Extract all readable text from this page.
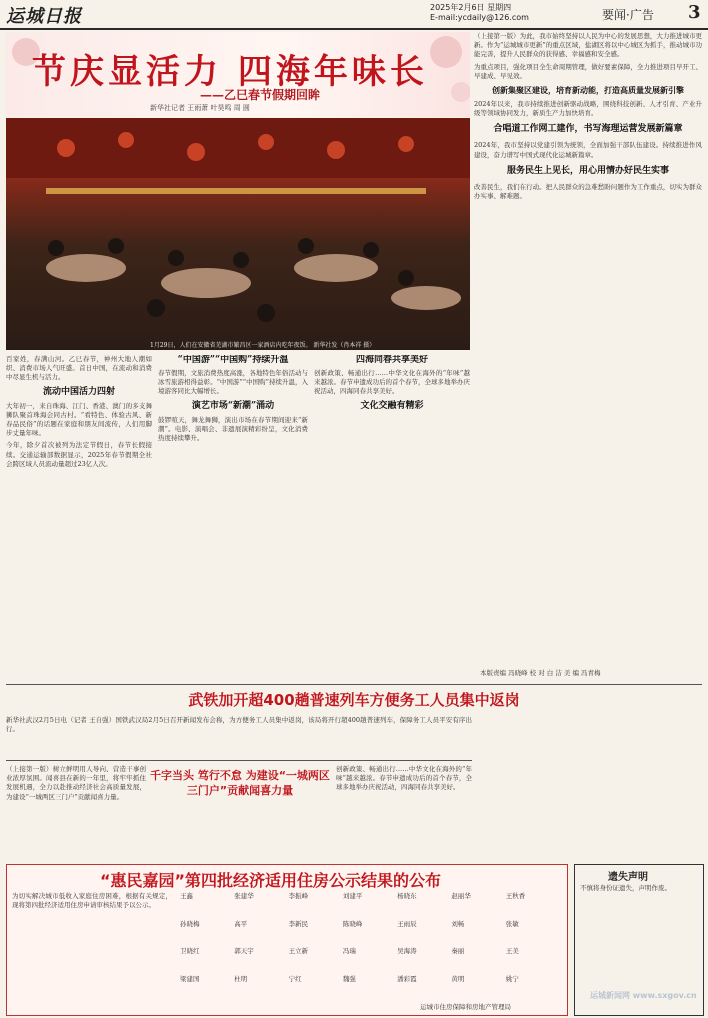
运城日报	2025年2月6日 星期四
E-mail:ycdaily@126.com	要闻·广告 3
节庆显活力 四海年味长
——乙巳春节假期回眸
新华社记者 王雨萧 叶昊鸣 周 圆
1月29日，人们在安徽省芜湖市繁昌区一家酒店内吃年夜饭。 新华社发（肖本祥 摄）
百家姓，春满山河。乙巳春节，神州大地人潮如织、消费市场人气旺盛。首日中国，在流动和消费中尽显生机与活力。
流动中国活力四射
大年初一，来自珠海、江门、香港、澳门的多支舞狮队聚首珠海会同古村。“看特色、体验古风、新春品民俗”的话题在家庭和朋友间流传，人们用脚步丈量年味。
今年，除夕首次被列为法定节假日，春节长假接续。交通运输部数据显示，2025年春节假期全社会跨区域人员流动量超过23亿人次。
“中国游”“中国购”持续升温
春节假期，文旅消费热度高涨，各地特色年俗活动与冰雪旅游相得益彰。“中国游”“中国购”持续升温，入境游客同比大幅增长。
演艺市场“新潮”涌动
鼓锣喧天，舞龙舞狮，演出市场在春节期间迎来“新潮”。电影、演唱会、非遗展演精彩纷呈，文化消费热度持续攀升。
四海同春共享美好
创新政策、畅通出行……中华文化在海外的“年味”越来越浓。春节申遗成功后的首个春节，全球多地举办庆祝活动，四海同春共享美好。
文化交融有精彩
（上接第一版）为此，我市始终坚持以人民为中心的发展思想，大力推进城市更新。作为“运城城市更新”的重点区域，盐湖区将以中心城区为抓手，推动城市功能完善，提升人民群众的获得感、幸福感和安全感。
为重点项目，强化项目全生命周期管理，做好要素保障，全力推进项目早开工、早建成、早见效。
创新集聚区建设，培育新动能，打造高质量发展新引擎
2024年以来，我市持续推进创新驱动战略，围绕科技创新、人才引育、产业升级等领域协同发力，新质生产力加快培育。
合唱道工作网工建作，书写海理运营发展新篇章
2024年，我市坚持以党建引领为统领，全面加强干部队伍建设。持续推进作风建设，奋力谱写中国式现代化运城新篇章。
服务民生上见长，用心用情办好民生实事
改善民生，我们在行动。把人民群众的急难愁盼问题作为工作重点，切实为群众办实事、解难题。
本版责编 冯晓峰 校 对 白 洁 美 编 冯青梅
武铁加开超400趟普速列车方便务工人员集中返岗
新华社武汉2月5日电（记者 王自强）国铁武汉局2月5日召开新闻发布会称，为方便务工人员集中返岗，该局将开行超400趟普速列车，保障务工人员平安有序出行。
（上接第一版）树立鲜明用人导向、营造干事创业浓厚氛围。闻喜县在新的一年里，将牢牢抓住发展机遇，全力以赴推动经济社会高质量发展，为建设“一城两区三门户”贡献闻喜力量。
千字当头 笃行不怠 为建设“一城两区三门户”贡献闻喜力量
创新政策、畅通出行……中华文化在海外的“年味”越来越浓。春节申遗成功后的首个春节，全球多地举办庆祝活动，四海同春共享美好。
“惠民嘉园”第四批经济适用住房公示结果的公布
为切实解决城市低收入家庭住房困难，根据有关规定，现将第四批经济适用住房申请审核结果予以公示。
王鑫	张建华	李振峰	刘建平	杨晓东	赵丽华	王秋香
孙晓梅	高平	李新民	陈晓峰	王雨辰	刘畅	张敏
卫晓红	郭天宇	王立新	冯瑞	吴海涛	秦丽	王美
梁建国	杜明	宁红	魏强	潘彩霞	黄明	姚宁
运城市住房保障和房地产管理局
遗失声明
不慎将身份证遗失，声明作废。
运城新闻网 www.sxgov.cn
